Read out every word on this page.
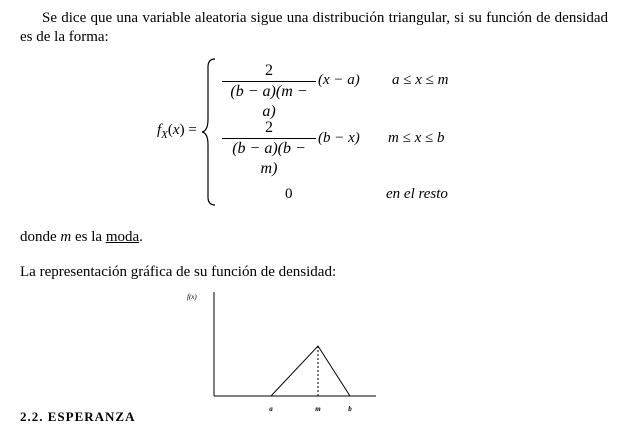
Se dice que una variable aleatoria sigue una distribución triangular, si su función de densidad es de la forma:
$f_X(x)$ =
2
(b − a)(m − a)
(x − a) a ≤ x ≤ m
2
(b − a)(b − m)
(b − x) m ≤ x ≤ b
0	en el resto
donde m es la moda.
La representación gráfica de su función de densidad:
f(x)
a	m	b
2.2. ESPERANZA
